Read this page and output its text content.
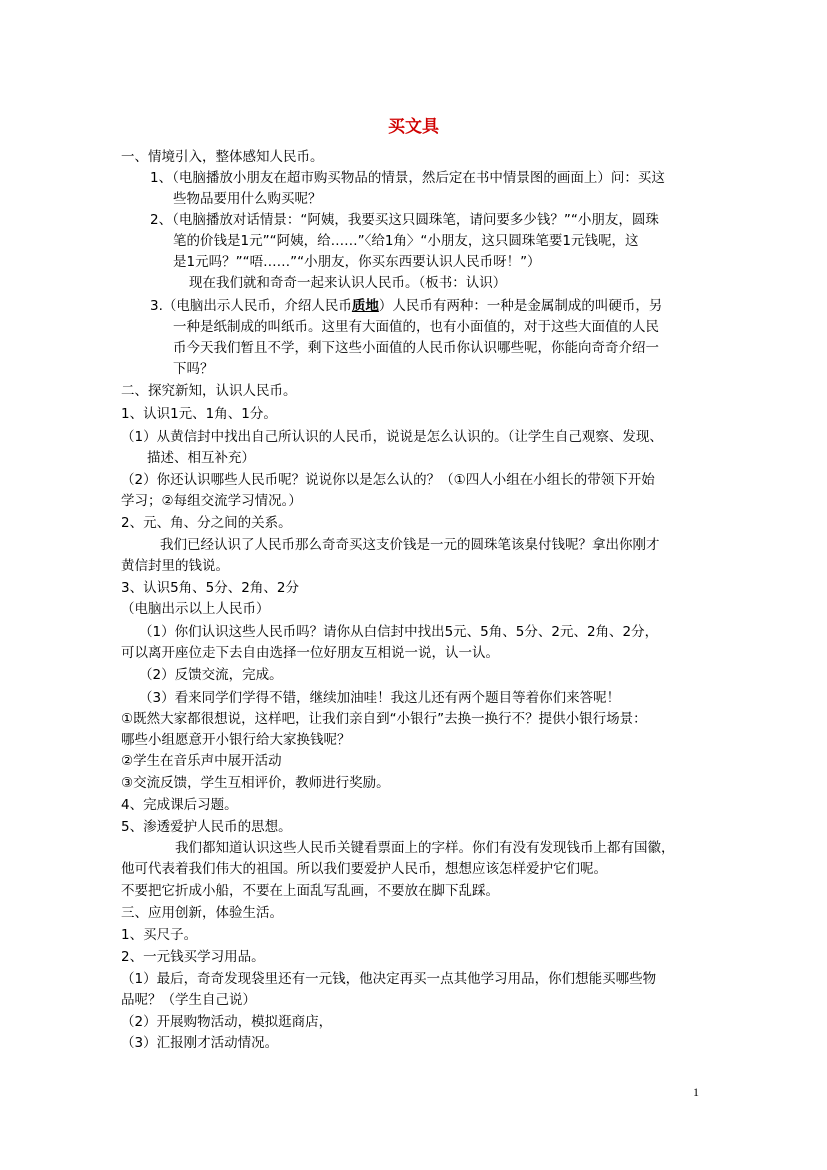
买文具
一、情境引入，整体感知人民币。
1、（电脑播放小朋友在超市购买物品的情景，然后定在书中情景图的画面上）问：买这
些物品要用什么购买呢？
2、（电脑播放对话情景：“阿姨，我要买这只圆珠笔，请问要多少钱？”“小朋友，圆珠
笔的价钱是1元”“阿姨，给……”〈给1角〉“小朋友，这只圆珠笔要1元钱呢，这
是1元吗？”“唔……”“小朋友，你买东西要认识人民币呀！”）
现在我们就和奇奇一起来认识人民币。（板书：认识）
3.（电脑出示人民币，介绍人民币质地）人民币有两种：一种是金属制成的叫硬币，另
一种是纸制成的叫纸币。这里有大面值的，也有小面值的，对于这些大面值的人民
币今天我们暂且不学，剩下这些小面值的人民币你认识哪些呢，你能向奇奇介绍一
下吗？
二、探究新知，认识人民币。
1、认识1元、1角、1分。
（1）从黄信封中找出自己所认识的人民币，说说是怎么认识的。（让学生自己观察、发现、
描述、相互补充）
（2）你还认识哪些人民币呢？说说你以是怎么认的？（①四人小组在小组长的带领下开始
学习；②每组交流学习情况。）
2、元、角、分之间的关系。
我们已经认识了人民币那么奇奇买这支价钱是一元的圆珠笔该臬付钱呢？拿出你刚才
黄信封里的钱说。
3、认识5角、5分、2角、2分
（电脑出示以上人民币）
（1）你们认识这些人民币吗？请你从白信封中找出5元、5角、5分、2元、2角、2分，
可以离开座位走下去自由选择一位好朋友互相说一说，认一认。
（2）反馈交流，完成。
（3）看来同学们学得不错，继续加油哇！我这儿还有两个题目等着你们来答呢！
①既然大家都很想说，这样吧，让我们亲自到“小银行”去换一换行不？提供小银行场景：
哪些小组愿意开小银行给大家换钱呢？
②学生在音乐声中展开活动
③交流反馈，学生互相评价，教师进行奖励。
4、完成课后习题。
5、渗透爱护人民币的思想。
我们都知道认识这些人民币关键看票面上的字样。你们有没有发现钱币上都有国徽，
他可代表着我们伟大的祖国。所以我们要爱护人民币，想想应该怎样爱护它们呢。
不要把它折成小船，不要在上面乱写乱画，不要放在脚下乱踩。
三、应用创新，体验生活。
1、买尺子。
2、一元钱买学习用品。
（1）最后，奇奇发现袋里还有一元钱，他决定再买一点其他学习用品，你们想能买哪些物
品呢？（学生自己说）
（2）开展购物活动，模拟逛商店，
（3）汇报刚才活动情况。
1
